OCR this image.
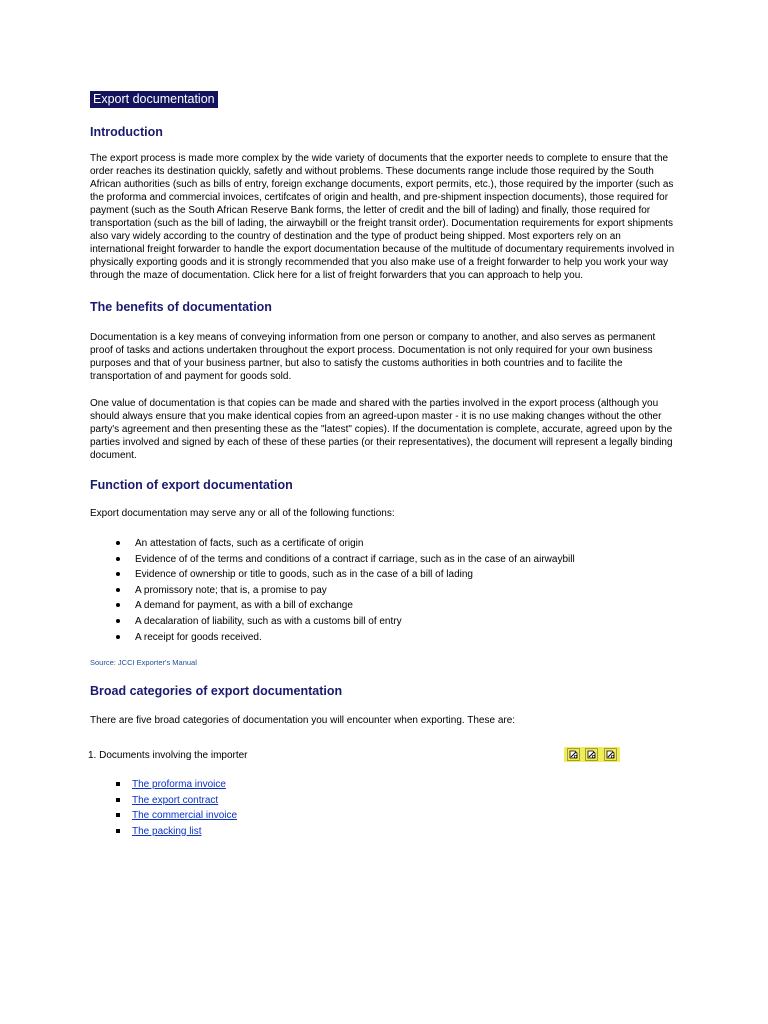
Export documentation
Introduction

The export process is made more complex by the wide variety of documents that the exporter needs to complete to ensure that the order reaches its destination quickly, safetly and without problems. These documents range include those required by the South African authorities (such as bills of entry, foreign exchange documents, export permits, etc.), those required by the importer (such as the proforma and commercial invoices, certifcates of origin and health, and pre-shipment inspection documents), those required for payment (such as the South African Reserve Bank forms, the letter of credit and the bill of lading) and finally, those required for transportation (such as the bill of lading, the airwaybill or the freight transit order). Documentation requirements for export shipments also vary widely according to the country of destination and the type of product being shipped. Most exporters rely on an international freight forwarder to handle the export documentation because of the multitude of documentary requirements involved in physically exporting goods and it is strongly recommended that you also make use of a freight forwarder to help you work your way through the maze of documentation. Click here for a list of freight forwarders that you can approach to help you.

The benefits of documentation

Documentation is a key means of conveying information from one person or company to another, and also serves as permanent proof of tasks and actions undertaken throughout the export process. Documentation is not only required for your own business purposes and that of your business partner, but also to satisfy the customs authorities in both countries and to facilite the transportation of and payment for goods sold.

One value of documentation is that copies can be made and shared with the parties involved in the export process (although you should always ensure that you make identical copies from an agreed-upon master - it is no use making changes without the other party's agreement and then presenting these as the "latest" copies). If the documentation is complete, accurate, agreed upon by the parties involved and signed by each of these of these parties (or their representatives), the document will represent a legally binding document.

Function of export documentation

Export documentation may serve any or all of the following functions:

An attestation of facts, such as a certificate of origin
Evidence of of the terms and conditions of a contract if carriage, such as in the case of an airwaybill
Evidence of ownership or title to goods, such as in the case of a bill of lading
A promissory note; that is, a promise to pay
A demand for payment, as with a bill of exchange
A decalaration of liability, such as with a customs bill of entry
A receipt for goods received.
Source: JCCI Exporter's Manual
Broad categories of export documentation

There are five broad categories of documentation you will encounter when exporting. These are:

1. Documents involving the importer
The proforma invoice
The export contract
The commercial invoice
The packing list
